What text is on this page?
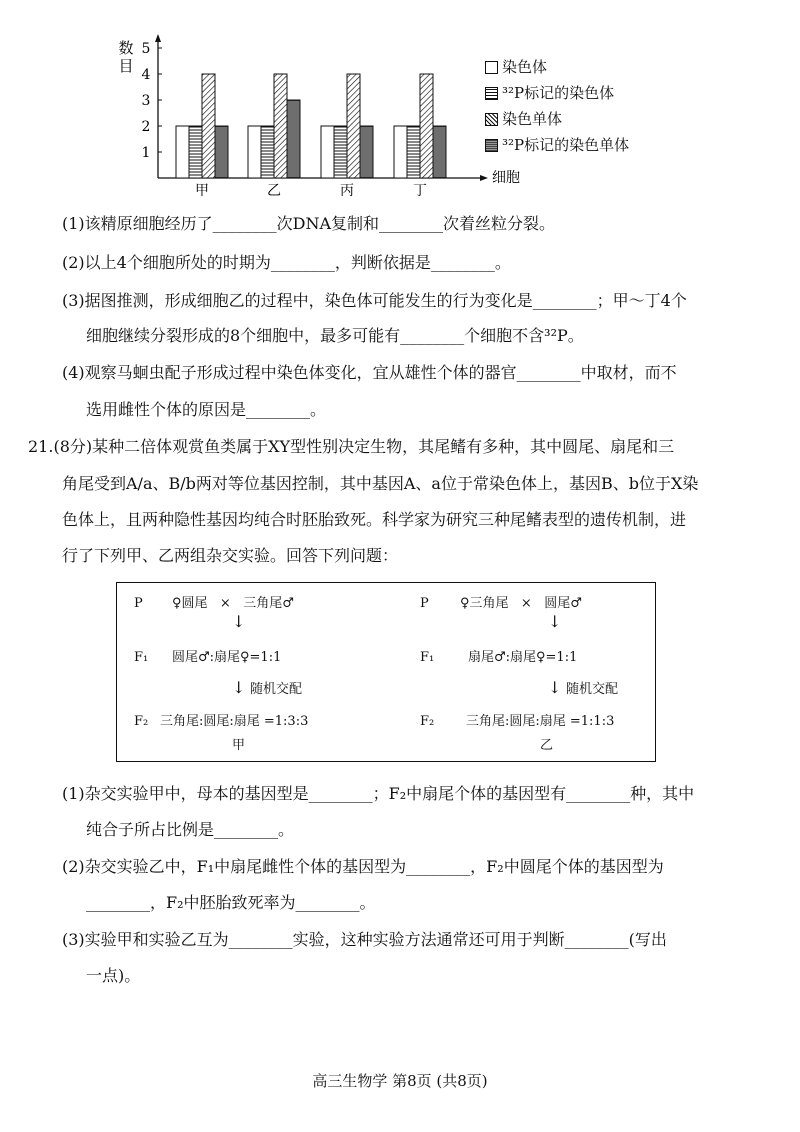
1
2
3
4
5
数
目
细胞
甲	乙	丙	丁
染色体
³²P标记的染色体
染色单体
³²P标记的染色单体
(1)该精原细胞经历了________次DNA复制和________次着丝粒分裂。
(2)以上4个细胞所处的时期为________，判断依据是________。
(3)据图推测，形成细胞乙的过程中，染色体可能发生的行为变化是________；甲～丁4个
细胞继续分裂形成的8个细胞中，最多可能有________个细胞不含³²P。
(4)观察马蛔虫配子形成过程中染色体变化，宜从雄性个体的器官________中取材，而不
选用雌性个体的原因是________。
21.(8分)某种二倍体观赏鱼类属于XY型性别决定生物，其尾鳍有多种，其中圆尾、扇尾和三
角尾受到A/a、B/b两对等位基因控制，其中基因A、a位于常染色体上，基因B、b位于X染
色体上，且两种隐性基因均纯合时胚胎致死。科学家为研究三种尾鳍表型的遗传机制，进
行了下列甲、乙两组杂交实验。回答下列问题：
P ♀圆尾   ×   三角尾♂
↓
F₁ 圆尾♂:扇尾♀=1:1
↓ 随机交配
F₂ 三角尾:圆尾:扇尾 =1:3:3
甲
P ♀三角尾   ×   圆尾♂
↓
F₁	扇尾♂:扇尾♀=1:1
↓ 随机交配
F₂ 三角尾:圆尾:扇尾 =1:1:3
乙
(1)杂交实验甲中，母本的基因型是________；F₂中扇尾个体的基因型有________种，其中
纯合子所占比例是________。
(2)杂交实验乙中，F₁中扇尾雌性个体的基因型为________，F₂中圆尾个体的基因型为
________，F₂中胚胎致死率为________。
(3)实验甲和实验乙互为________实验，这种实验方法通常还可用于判断________(写出
一点)。
高三生物学 第8页 (共8页)
